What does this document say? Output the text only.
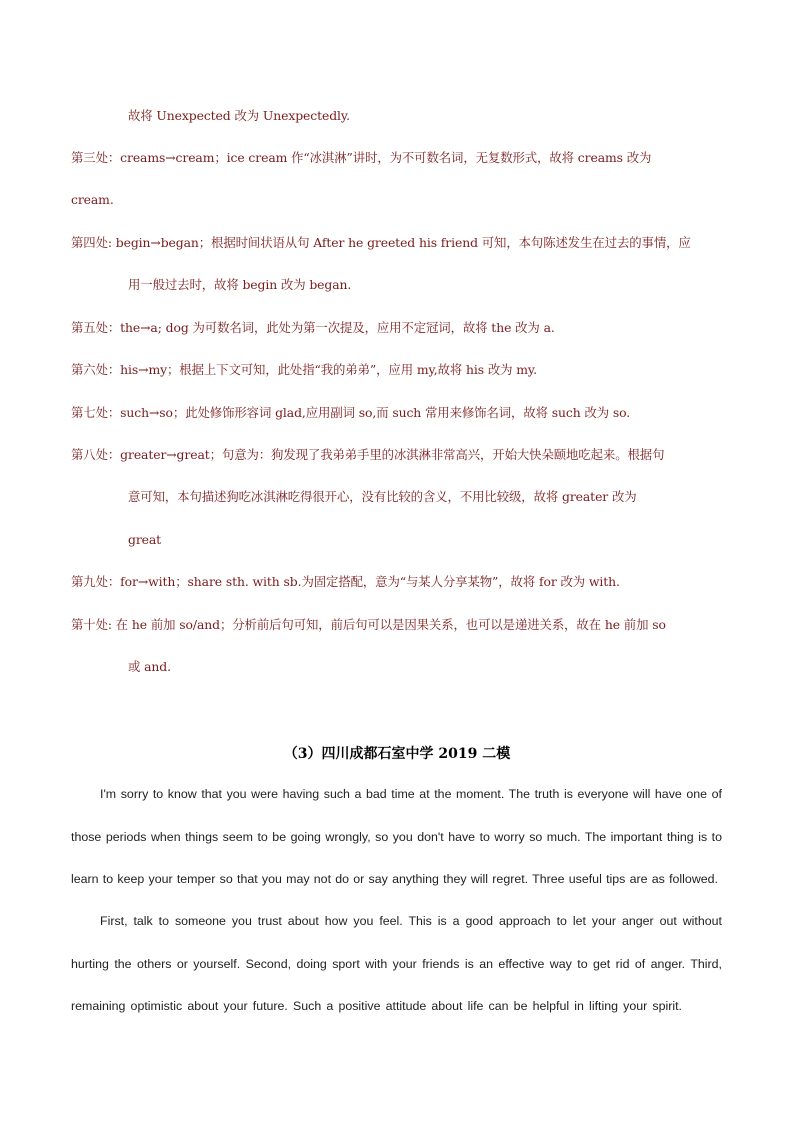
故将 Unexpected 改为 Unexpectedly.
第三处：creams→cream；ice cream 作“冰淇淋”讲时，为不可数名词，无复数形式，故将 creams 改为
cream.
第四处: begin→began；根据时间状语从句 After he greeted his friend 可知，本句陈述发生在过去的事情，应
用一般过去时，故将 begin 改为 began.
第五处：the→a; dog 为可数名词，此处为第一次提及，应用不定冠词，故将 the 改为 a.
第六处：his→my；根据上下文可知，此处指“我的弟弟”，应用 my,故将 his 改为 my.
第七处：such→so；此处修饰形容词 glad,应用副词 so,而 such 常用来修饰名词，故将 such 改为 so.
第八处：greater→great；句意为：狗发现了我弟弟手里的冰淇淋非常高兴，开始大快朵颐地吃起来。根据句
意可知，本句描述狗吃冰淇淋吃得很开心，没有比较的含义，不用比较级，故将 greater 改为
great
第九处：for→with；share sth. with sb.为固定搭配，意为“与某人分享某物”，故将 for 改为 with.
第十处: 在 he 前加 so/and；分析前后句可知，前后句可以是因果关系，也可以是递进关系，故在 he 前加 so
或 and.
（3）四川成都石室中学 2019 二模
I'm sorry to know that you were having such a bad time at the moment. The truth is everyone will have one of
those periods when things seem to be going wrongly, so you don't have to worry so much. The important thing is to
learn to keep your temper so that you may not do or say anything they will regret. Three useful tips are as followed.
First, talk to someone you trust about how you feel. This is a good approach to let your anger out without
hurting the others or yourself. Second, doing sport with your friends is an effective way to get rid of anger. Third,
remaining optimistic about your future. Such a positive attitude about life can be helpful in lifting your spirit.
